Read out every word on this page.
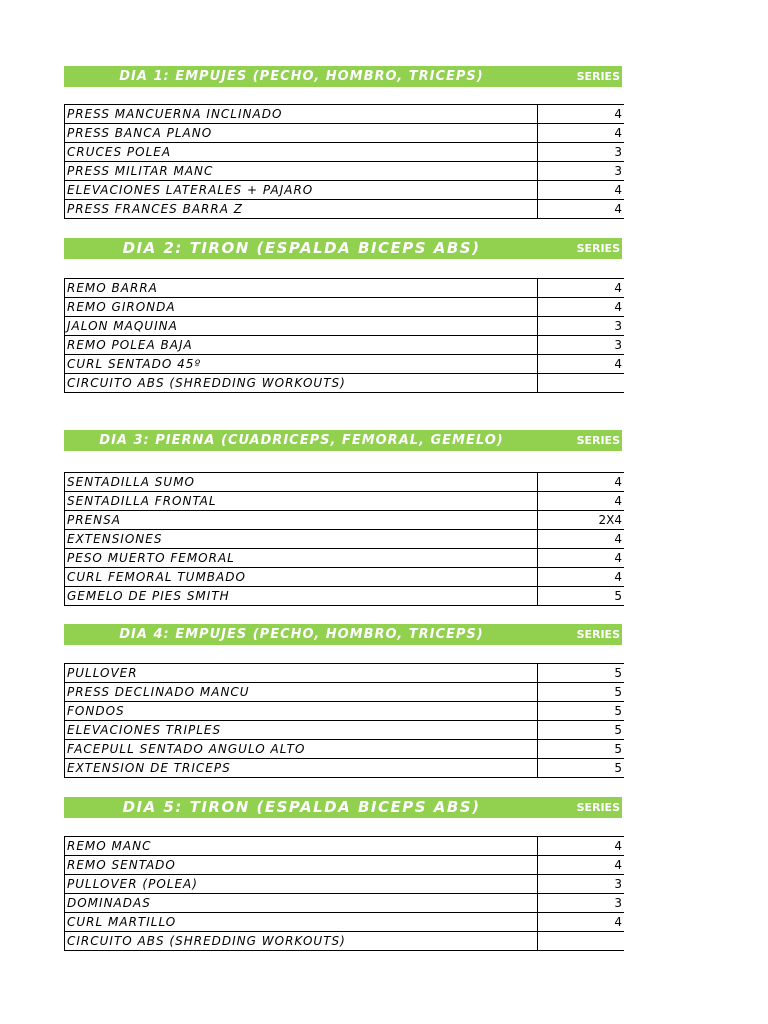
DIA 1: EMPUJES (PECHO, HOMBRO, TRICEPS)	SERIES
PRESS MANCUERNA INCLINADO	4
PRESS BANCA PLANO	4
CRUCES POLEA	3
PRESS MILITAR MANC	3
ELEVACIONES LATERALES + PAJARO	4
PRESS FRANCES BARRA Z	4
DIA 2: TIRON (ESPALDA BICEPS ABS)	SERIES
REMO BARRA	4
REMO GIRONDA	4
JALON MAQUINA	3
REMO POLEA BAJA	3
CURL SENTADO 45º	4
CIRCUITO ABS (SHREDDING WORKOUTS)	
DIA 3: PIERNA (CUADRICEPS, FEMORAL, GEMELO)	SERIES
SENTADILLA SUMO	4
SENTADILLA FRONTAL	4
PRENSA	2X4
EXTENSIONES	4
PESO MUERTO FEMORAL	4
CURL FEMORAL TUMBADO	4
GEMELO DE PIES SMITH	5
DIA 4: EMPUJES (PECHO, HOMBRO, TRICEPS)	SERIES
PULLOVER	5
PRESS DECLINADO MANCU	5
FONDOS	5
ELEVACIONES TRIPLES	5
FACEPULL SENTADO ANGULO ALTO	5
EXTENSION DE TRICEPS	5
DIA 5: TIRON (ESPALDA BICEPS ABS)	SERIES
REMO MANC	4
REMO SENTADO	4
PULLOVER (POLEA)	3
DOMINADAS	3
CURL MARTILLO	4
CIRCUITO ABS (SHREDDING WORKOUTS)	
